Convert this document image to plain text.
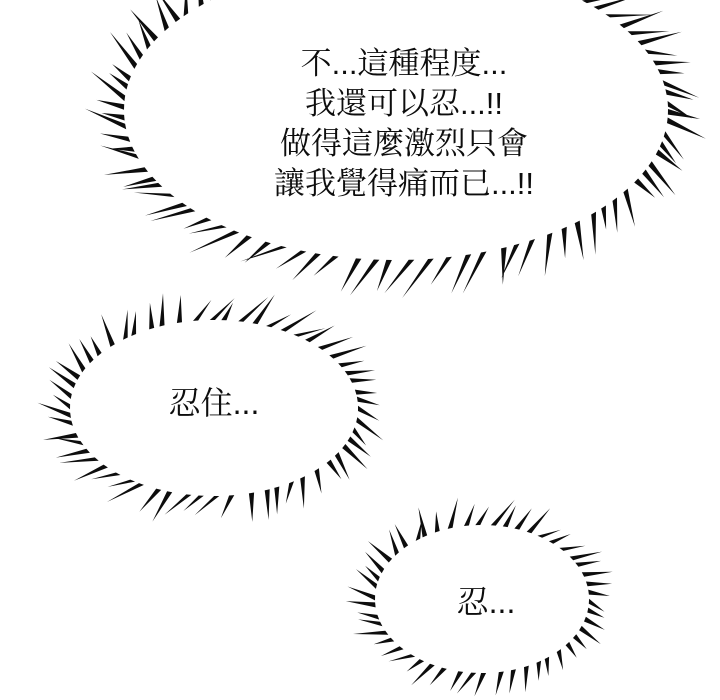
不...這種程度...
我還可以忍...!!
做得這麼激烈只會
讓我覺得痛而已...!!
忍住...
忍...
